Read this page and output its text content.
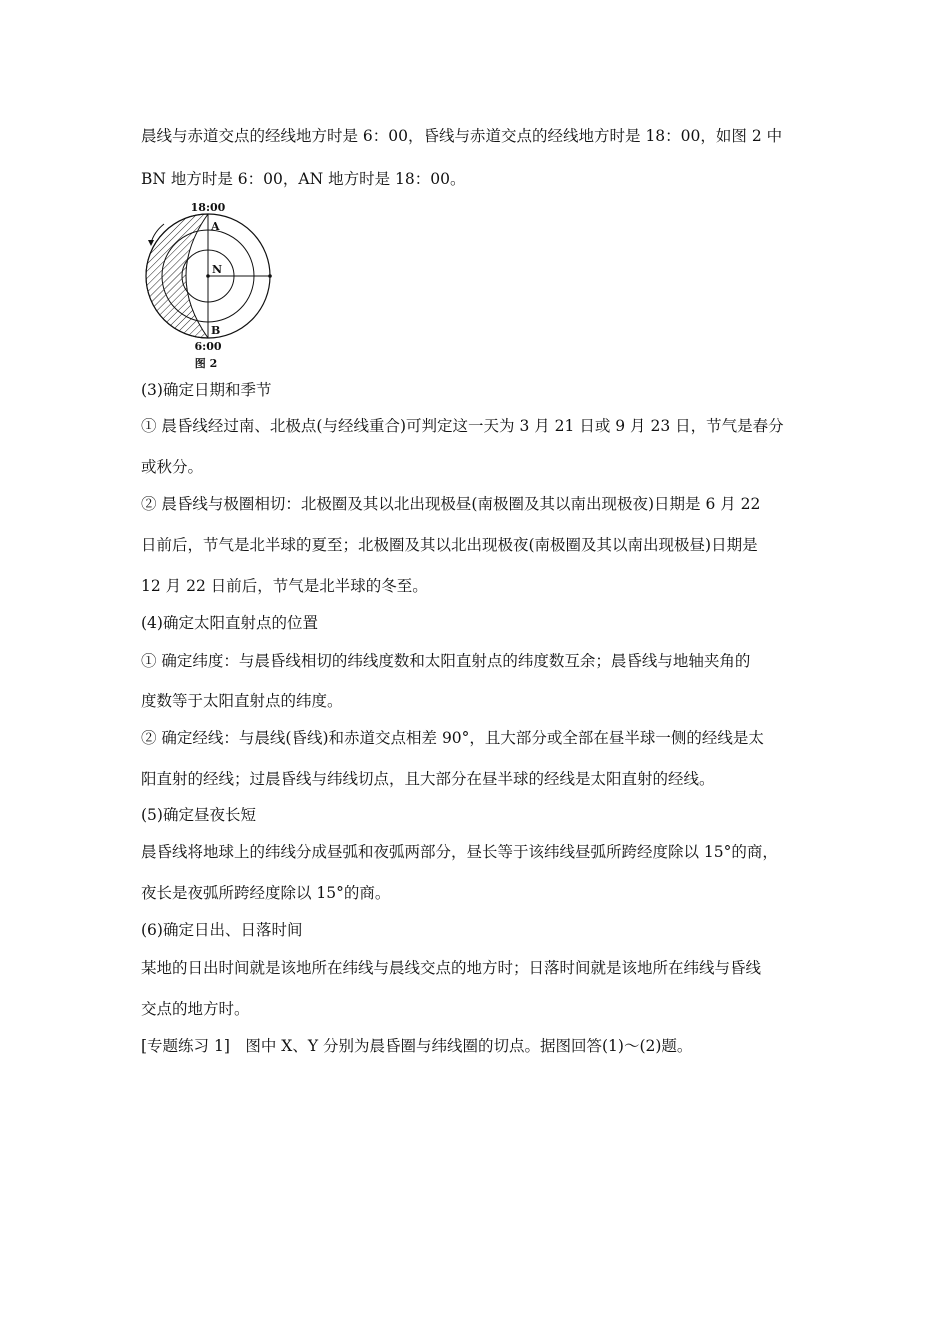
晨线与赤道交点的经线地方时是 6：00，昏线与赤道交点的经线地方时是 18：00，如图 2 中
BN 地方时是 6：00，AN 地方时是 18：00。
18:00
A
N
B
6:00
图 2
(3)确定日期和季节
① 晨昏线经过南、北极点(与经线重合)可判定这一天为 3 月 21 日或 9 月 23 日，节气是春分
或秋分。
② 晨昏线与极圈相切：北极圈及其以北出现极昼(南极圈及其以南出现极夜)日期是 6 月 22
日前后，节气是北半球的夏至；北极圈及其以北出现极夜(南极圈及其以南出现极昼)日期是
12 月 22 日前后，节气是北半球的冬至。
(4)确定太阳直射点的位置
① 确定纬度：与晨昏线相切的纬线度数和太阳直射点的纬度数互余；晨昏线与地轴夹角的
度数等于太阳直射点的纬度。
② 确定经线：与晨线(昏线)和赤道交点相差 90°，且大部分或全部在昼半球一侧的经线是太
阳直射的经线；过晨昏线与纬线切点，且大部分在昼半球的经线是太阳直射的经线。
(5)确定昼夜长短
晨昏线将地球上的纬线分成昼弧和夜弧两部分，昼长等于该纬线昼弧所跨经度除以 15°的商，
夜长是夜弧所跨经度除以 15°的商。
(6)确定日出、日落时间
某地的日出时间就是该地所在纬线与晨线交点的地方时；日落时间就是该地所在纬线与昏线
交点的地方时。
[专题练习 1]　图中 X、Y 分别为晨昏圈与纬线圈的切点。据图回答(1)～(2)题。
